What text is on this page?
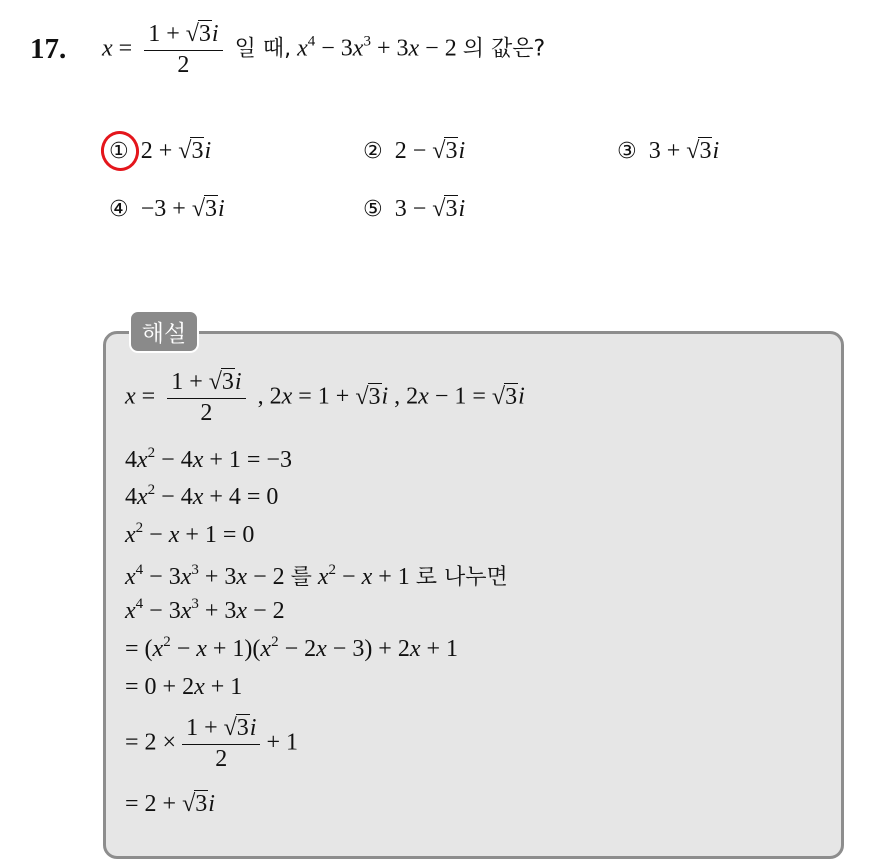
17. $x = \frac{1 + √3i}{2}$ 일 때, $x^4 - 3x^3 + 3x - 2$ 의 값은?
① 2 + √3i	② 2 − √3i	③ 3 + √3i
④ −3 + √3i	⑤ 3 − √3i
해설
$x = \frac{1 + √3i}{2}$ , 2x = 1 + √3i , 2x − 1 = √3i
$4x^2 - 4x + 1 = -3$
$4x^2 - 4x + 4 = 0$
$x^2 - x + 1 = 0$
$x^4 - 3x^3 + 3x - 2$ 를 $x^2 - x + 1$ 로 나누면
$x^4 - 3x^3 + 3x - 2$
= $(x^2 - x + 1)(x^2 - 2x - 3) + 2x + 1$
= 0 + 2x + 1
= $2 \times \frac{1 + √3i}{2} + 1$
= 2 + √3i
